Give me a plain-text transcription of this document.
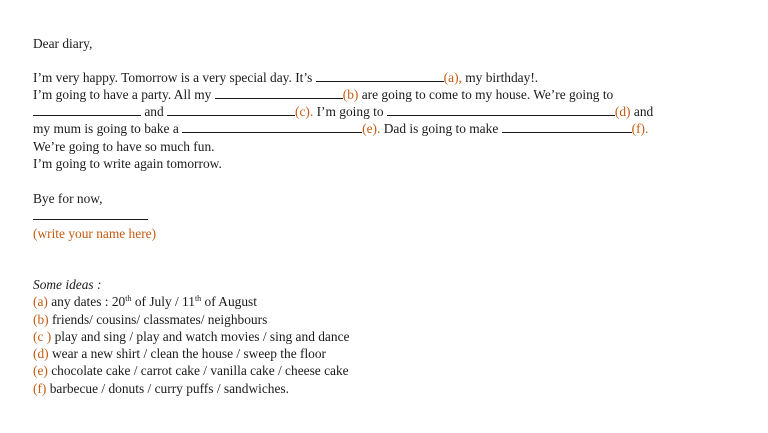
Dear diary,
I’m very happy. Tomorrow is a very special day. It’s	(a), my birthday!.
I’m going to have a party. All my	(b) are going to come to my house. We’re going to
and	(c). I’m going to	(d) and
my mum is going to bake a	(e). Dad is going to make	(f).
We’re going to have so much fun.
I’m going to write again tomorrow.
Bye for now,
(write your name here)
Some ideas :
(a) any dates : 20th of July / 11th of August
(b) friends/ cousins/ classmates/ neighbours
(c ) play and sing / play and watch movies / sing and dance
(d) wear a new shirt / clean the house / sweep the floor
(e) chocolate cake / carrot cake / vanilla cake / cheese cake
(f) barbecue / donuts / curry puffs / sandwiches.
